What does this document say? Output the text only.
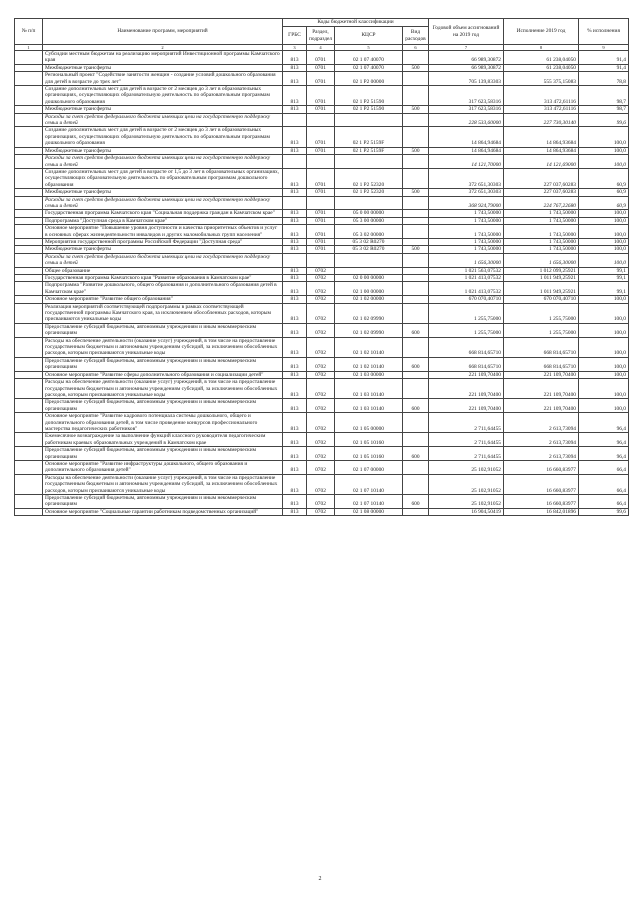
№ п/п	Наименование программ, мероприятий	Коды бюджетной классификации				Годовой объем ассигнований на 2019 год	Исполнение 2019 год	% исполнения
		ГРБС	Раздел, подраздел	КЦСР	Вид расходов			
1	2	3	4	5	6	7	8	9
	Субсидии местным бюджетам на реализацию мероприятий Инвестиционной программы Камчатского края	813	0701	02 1 07 40070		66 989,30872	61 238,04050	91,4
	Межбюджетные трансферты	813	0701	02 1 07 40070	500	66 989,30872	61 238,04050	91,4
	Региональный проект "Содействие занятости женщин - создание условий дошкольного образования для детей в возрасте до трех лет"	813	0701	02 1 P2 00000		705 139,83303	555 375,15083	78,8
	Создание дополнительных мест для детей в возрасте от 2 месяцев до 3 лет в образовательных организациях, осуществляющих образовательную деятельность по образовательным программам дошкольного образования	813	0701	02 1 P2 51590		317 623,58316	313 472,61116	98,7
	Межбюджетные трансферты	813	0701	02 1 P2 51590	500	317 623,58316	313 472,61116	98,7
	Расходы за счет средств федерального бюджета имеющих цели на государственную поддержку семьи и детей					228 533,60000	227 730,30140	99,6
	Создание дополнительных мест для детей в возрасте от 2 месяцев до 3 лет в образовательных организациях, осуществляющих образовательную деятельность по образовательным программам дошкольного образования	813	0701	02 1 P2 5159F		14 864,94684	14 864,93684	100,0
	Межбюджетные трансферты	813	0701	02 1 P2 5159F	500	14 864,94684	14 864,93684	100,0
	Расходы за счет средств федерального бюджета имеющих цели на государственную поддержку семьи и детей					14 121,70000	14 121,69000	100,0
	Создание дополнительных мест для детей в возрасте от 1,5 до 3 лет в образовательных организациях, осуществляющих образовательную деятельность по образовательным программам дошкольного образования	813	0701	02 1 P2 52320		372 651,30303	227 037,60283	60,9
	Межбюджетные трансферты	813	0701	02 1 P2 52320	500	372 651,30303	227 037,60283	60,9
	Расходы за счет средств федерального бюджета имеющих цели на государственную поддержку семьи и детей					368 924,79000	224 767,22680	60,9
	Государственная программа Камчатского края "Социальная поддержка граждан в Камчатском крае"	813	0701	05 0 00 00000		1 743,50000	1 743,50000	100,0
	Подпрограмма "Доступная среда в Камчатском крае"	813	0701	05 3 00 00000		1 743,50000	1 743,50000	100,0
	Основное мероприятие "Повышение уровня доступности и качества приоритетных объектов и услуг в основных сферах жизнедеятельности инвалидов и других маломобильных групп населения"	813	0701	05 3 02 00000		1 743,50000	1 743,50000	100,0
	Мероприятия государственной программы Российской Федерации "Доступная среда"	813	0701	05 3 02 R0270		1 743,50000	1 743,50000	100,0
	Межбюджетные трансферты	813	0701	05 3 02 R0270	500	1 743,50000	1 743,50000	100,0
	Расходы за счет средств федерального бюджета имеющих цели на государственную поддержку семьи и детей					1 656,30000	1 656,30000	100,0
	Общее образование	813	0702			1 021 563,07532	1 012 099,25921	99,1
	Государственная программа Камчатского края "Развитие образования в Камчатском крае"	813	0702	02 0 00 00000		1 021 413,07532	1 011 949,25921	99,1
	Подпрограмма "Развитие дошкольного, общего образования и дополнительного образования детей в Камчатском крае"	813	0702	02 1 00 00000		1 021 413,07532	1 011 949,25921	99,1
	Основное мероприятие "Развитие общего образования"	813	0702	02 1 02 00000		670 070,40710	670 070,40710	100,0
	Реализация мероприятий соответствующей подпрограммы в рамках соответствующей государственной программы Камчатского края, за исключением обособленных расходов, которым присваиваются уникальные коды	813	0702	02 1 02 09990		1 255,75000	1 255,75000	100,0
	Предоставление субсидий бюджетным, автономным учреждениям и иным некоммерческим организациям	813	0702	02 1 02 09990	600	1 255,75000	1 255,75000	100,0
	Расходы на обеспечение деятельности (оказание услуг) учреждений, в том числе на предоставление государственным бюджетным и автономным учреждениям субсидий, за исключением обособленных расходов, которым присваиваются уникальные коды	813	0702	02 1 02 10140		668 814,65710	668 814,65710	100,0
	Предоставление субсидий бюджетным, автономным учреждениям и иным некоммерческим организациям	813	0702	02 1 02 10140	600	668 814,65710	668 814,65710	100,0
	Основное мероприятие "Развитие сферы дополнительного образования и социализации детей"	813	0702	02 1 03 00000		221 109,70400	221 109,70400	100,0
	Расходы на обеспечение деятельности (оказание услуг) учреждений, в том числе на предоставление государственным бюджетным и автономным учреждениям субсидий, за исключением обособленных расходов, которым присваиваются уникальные коды	813	0702	02 1 03 10140		221 109,70400	221 109,70400	100,0
	Предоставление субсидий бюджетным, автономным учреждениям и иным некоммерческим организациям	813	0702	02 1 03 10140	600	221 109,70400	221 109,70400	100,0
	Основное мероприятие "Развитие кадрового потенциала системы дошкольного, общего и дополнительного образования детей, в том числе проведение конкурсов профессионального мастерства педагогических работников"	813	0702	02 1 05 00000		2 711,64455	2 613,73094	96,4
	Ежемесячное вознаграждение за выполнение функций классного руководителя педагогическим работникам краевых образовательных учреждений в Камчатском крае	813	0702	02 1 05 10160		2 711,64455	2 613,73094	96,4
	Предоставление субсидий бюджетным, автономным учреждениям и иным некоммерческим организациям	813	0702	02 1 05 10160	600	2 711,64455	2 613,73094	96,4
	Основное мероприятие "Развитие инфраструктуры дошкольного, общего образования и дополнительного образования детей"	813	0702	02 1 07 00000		25 102,91052	16 660,83977	66,4
	Расходы на обеспечение деятельности (оказание услуг) учреждений, в том числе на предоставление государственным бюджетным и автономным учреждениям субсидий, за исключением обособленных расходов, которым присваиваются уникальные коды	813	0702	02 1 07 10140		25 102,91052	16 660,83977	66,4
	Предоставление субсидий бюджетным, автономным учреждениям и иным некоммерческим организациям	813	0702	02 1 07 10140	600	25 102,91052	16 660,83977	66,4
	Основное мероприятие "Социальные гарантии работникам подведомственных организаций"	813	0702	02 1 08 00000		16 904,50419	16 842,01896	99,6
2
